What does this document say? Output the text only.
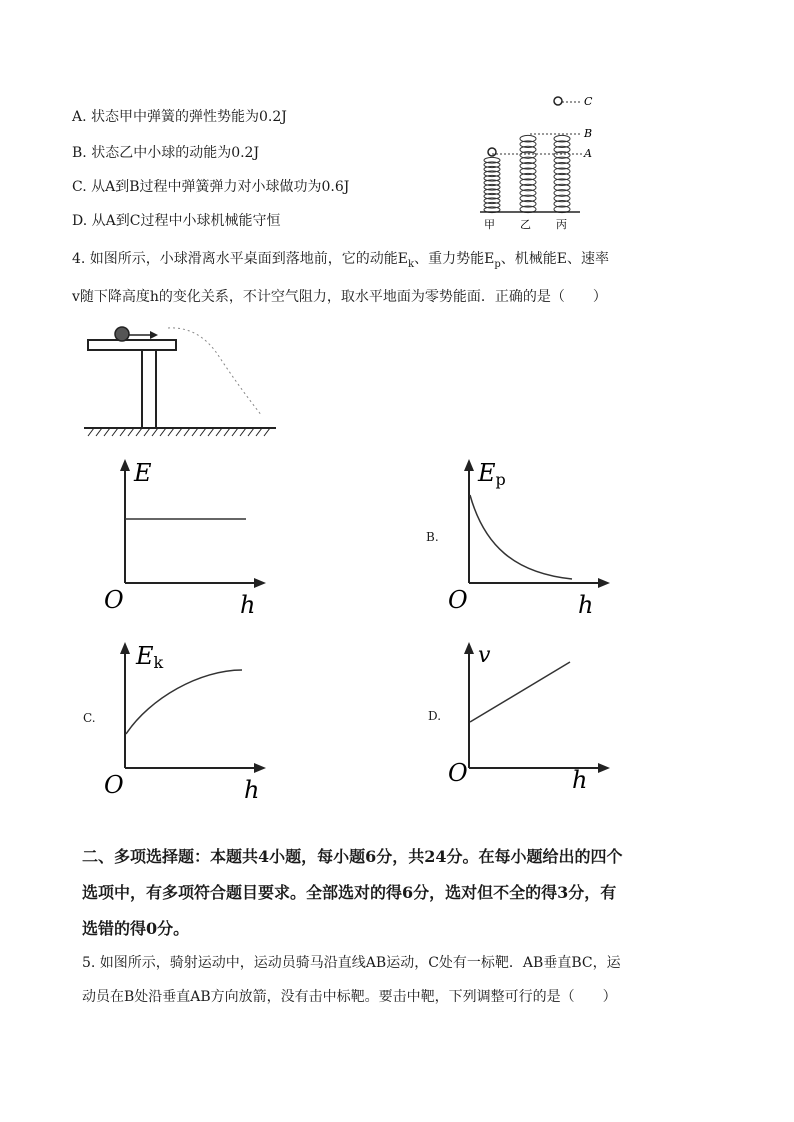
A. 状态甲中弹簧的弹性势能为0.2J
B. 状态乙中小球的动能为0.2J
C. 从A到B过程中弹簧弹力对小球做功为0.6J
D. 从A到C过程中小球机械能守恒
C
B
A
甲 乙 丙
4. 如图所示，小球滑离水平桌面到落地前，它的动能$E_k$、重力势能$E_p$、机械能E、速率
v随下降高度h的变化关系，不计空气阻力，取水平地面为零势能面．正确的是（　　）
E
O	h
B.
Ep
O	h
C.
Ek
O	h
D.
v
O	h
二、多项选择题：本题共4小题，每小题6分，共24分。在每小题给出的四个
选项中，有多项符合题目要求。全部选对的得6分，选对但不全的得3分，有
选错的得0分。
5. 如图所示，骑射运动中，运动员骑马沿直线AB运动，C处有一标靶．AB垂直BC，运
动员在B处沿垂直AB方向放箭，没有击中标靶。要击中靶，下列调整可行的是（　　）
